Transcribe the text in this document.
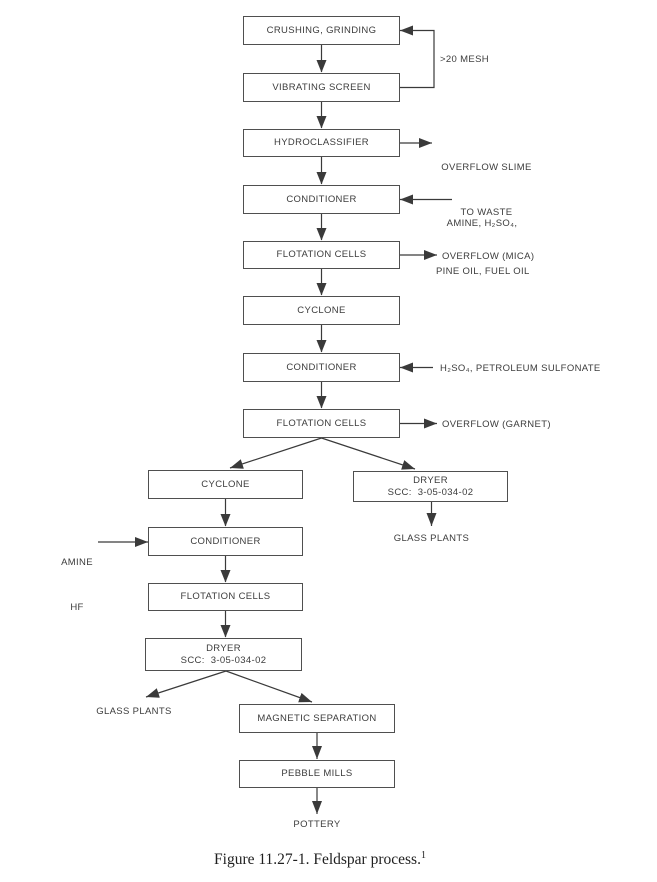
CRUSHING, GRINDING
VIBRATING SCREEN
HYDROCLASSIFIER
CONDITIONER
FLOTATION CELLS
CYCLONE
CONDITIONER
FLOTATION CELLS
CYCLONE
CONDITIONER
FLOTATION CELLS
DRYER
SCC:  3-05-034-02
DRYER
SCC:  3-05-034-02
MAGNETIC SEPARATION
PEBBLE MILLS
>20 MESH

OVERFLOW SLIME

TO WASTE

AMINE, H₂SO₄,

PINE OIL, FUEL OIL

OVERFLOW (MICA)
H₂SO₄, PETROLEUM SULFONATE
OVERFLOW (GARNET)
GLASS PLANTS

AMINE

HF

GLASS PLANTS
POTTERY
Figure 11.27-1. Feldspar process.$^1$
